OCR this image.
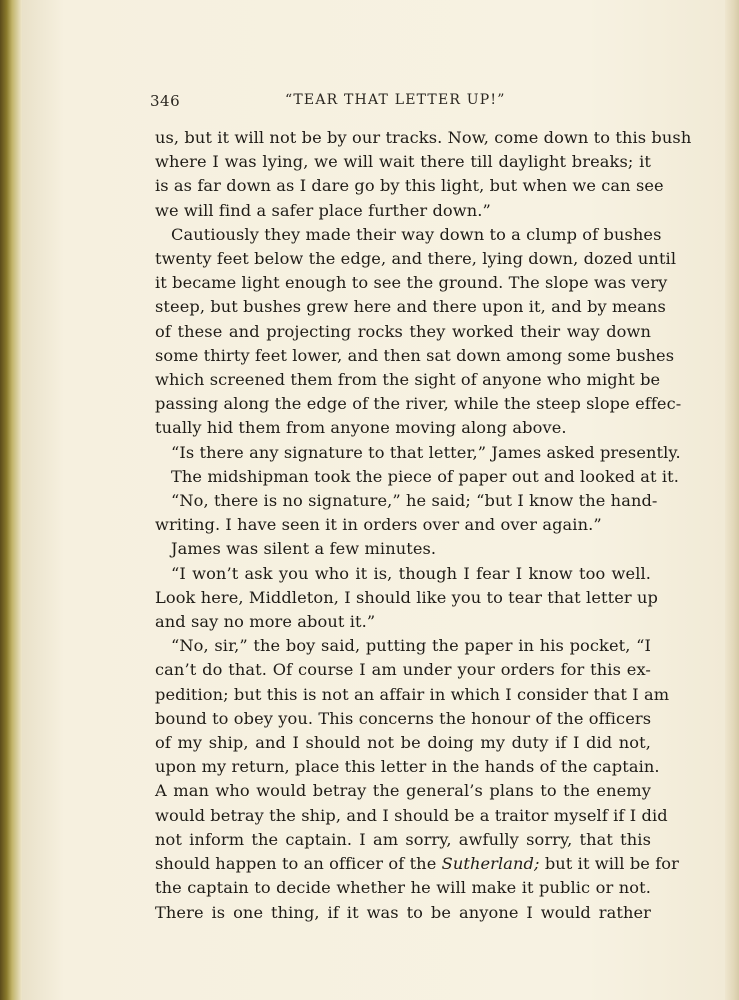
346	“TEAR THAT LETTER UP!”
us, but it will not be by our tracks. Now, come down to this bush
where I was lying, we will wait there till daylight breaks; it
is as far down as I dare go by this light, but when we can see
we will find a safer place further down.”
Cautiously they made their way down to a clump of bushes
twenty feet below the edge, and there, lying down, dozed until
it became light enough to see the ground. The slope was very
steep, but bushes grew here and there upon it, and by means
of these and projecting rocks they worked their way down
some thirty feet lower, and then sat down among some bushes
which screened them from the sight of anyone who might be
passing along the edge of the river, while the steep slope effec-
tually hid them from anyone moving along above.
“Is there any signature to that letter,” James asked presently.
The midshipman took the piece of paper out and looked at it.
“No, there is no signature,” he said; “but I know the hand-
writing. I have seen it in orders over and over again.”
James was silent a few minutes.
“I won’t ask you who it is, though I fear I know too well.
Look here, Middleton, I should like you to tear that letter up
and say no more about it.”
“No, sir,” the boy said, putting the paper in his pocket, “I
can’t do that. Of course I am under your orders for this ex-
pedition; but this is not an affair in which I consider that I am
bound to obey you. This concerns the honour of the officers
of my ship, and I should not be doing my duty if I did not,
upon my return, place this letter in the hands of the captain.
A man who would betray the general’s plans to the enemy
would betray the ship, and I should be a traitor myself if I did
not inform the captain. I am sorry, awfully sorry, that this
should happen to an officer of the Sutherland; but it will be for
the captain to decide whether he will make it public or not.
There is one thing, if it was to be anyone I would rather
